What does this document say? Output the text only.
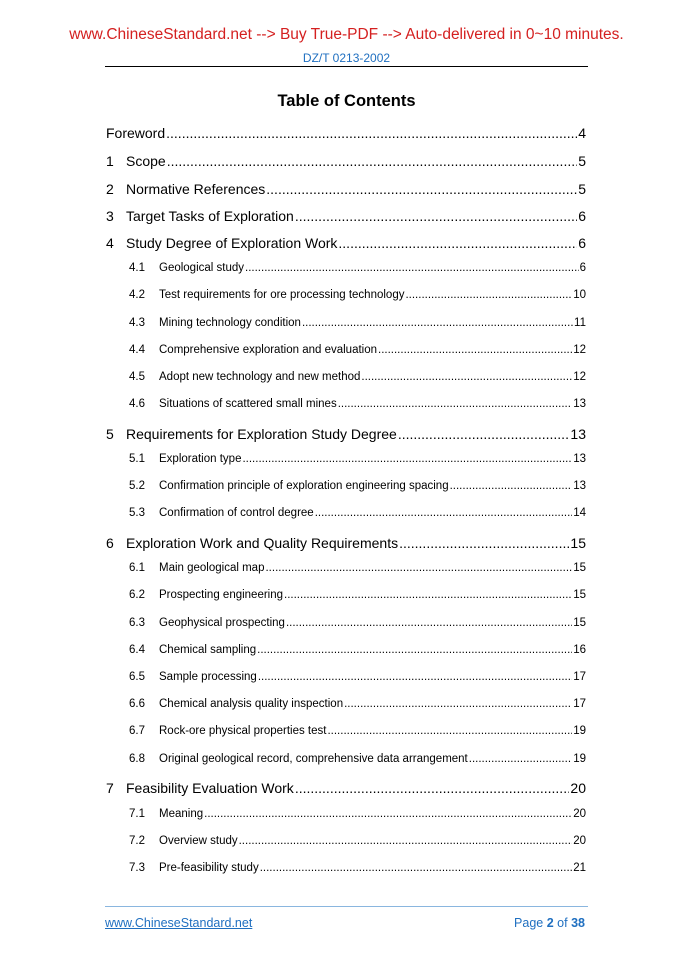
www.ChineseStandard.net --> Buy True-PDF --> Auto-delivered in 0~10 minutes.
DZ/T 0213-2002
Table of Contents
Foreword .....	4
1 Scope .....	5
2 Normative References .....	5
3 Target Tasks of Exploration .....	6
4 Study Degree of Exploration Work .....	6
4.1	Geological study .....	6
4.2	Test requirements for ore processing technology .....	10
4.3	Mining technology condition .....	11
4.4	Comprehensive exploration and evaluation .....	12
4.5	Adopt new technology and new method .....	12
4.6	Situations of scattered small mines .....	13
5 Requirements for Exploration Study Degree .....	13
5.1	Exploration type .....	13
5.2	Confirmation principle of exploration engineering spacing .....	13
5.3	Confirmation of control degree .....	14
6 Exploration Work and Quality Requirements .....	15
6.1	Main geological map .....	15
6.2	Prospecting engineering .....	15
6.3	Geophysical prospecting .....	15
6.4	Chemical sampling .....	16
6.5	Sample processing .....	17
6.6	Chemical analysis quality inspection .....	17
6.7	Rock-ore physical properties test .....	19
6.8	Original geological record, comprehensive data arrangement .....	19
7 Feasibility Evaluation Work .....	20
7.1	Meaning .....	20
7.2	Overview study .....	20
7.3	Pre-feasibility study .....	21
www.ChineseStandard.net	Page 2 of 38
